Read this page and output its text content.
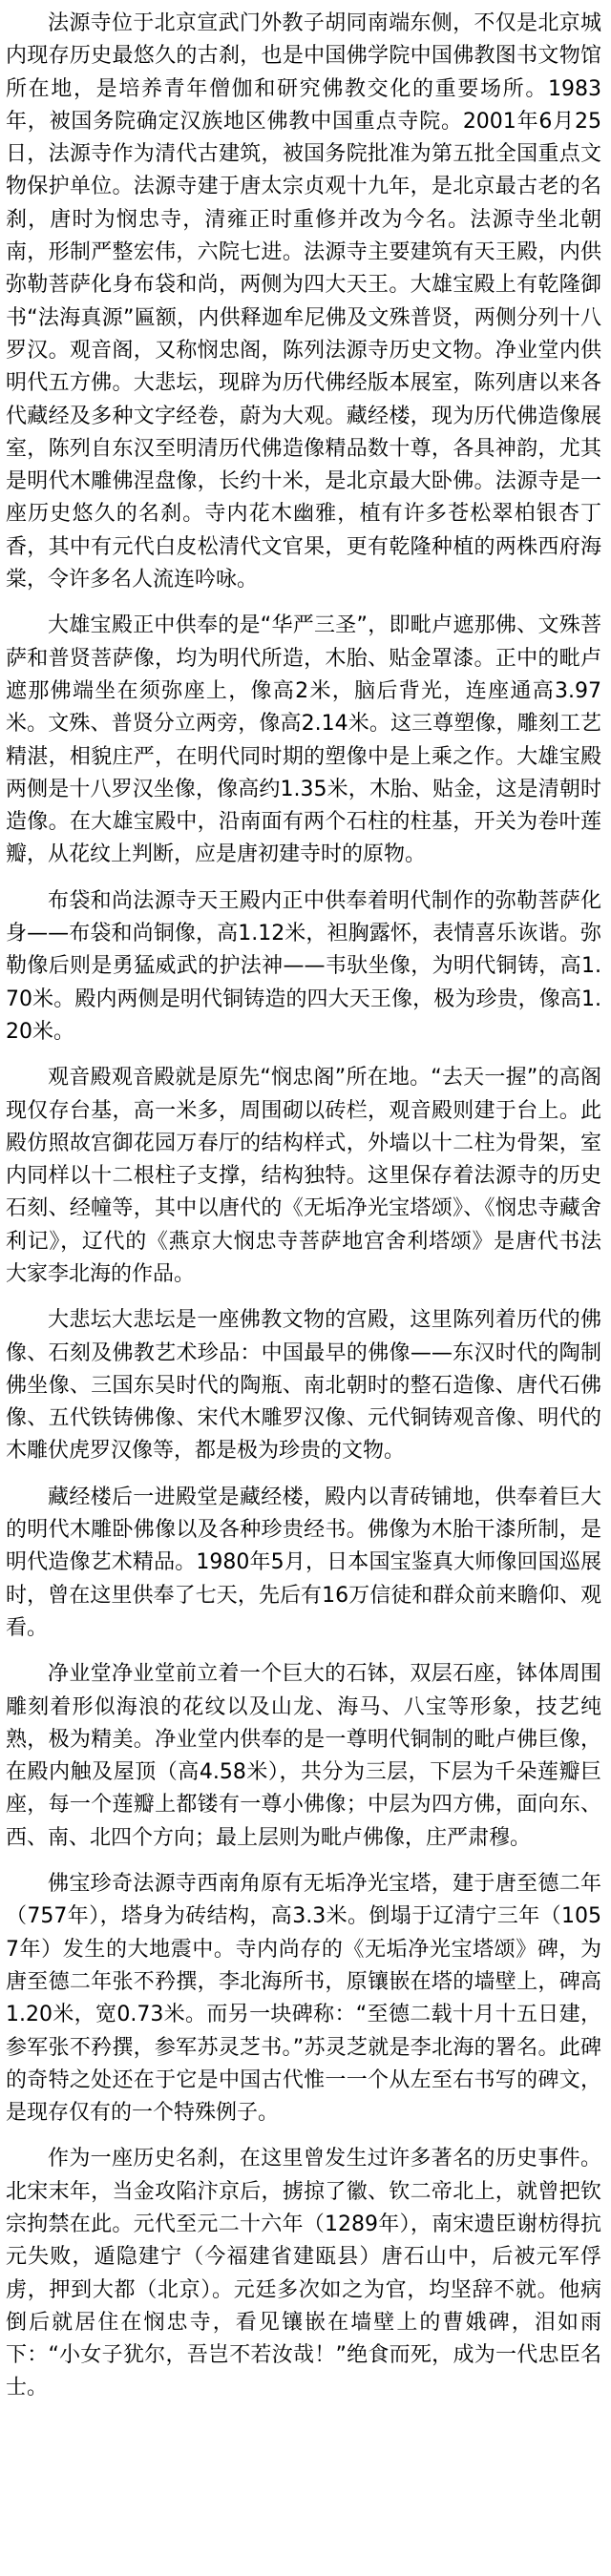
法源寺位于北京宣武门外教子胡同南端东侧，不仅是北京城内现存历史最悠久的古刹，也是中国佛学院中国佛教图书文物馆所在地，是培养青年僧伽和研究佛教交化的重要场所。1983年，被国务院确定汉族地区佛教中国重点寺院。2001年6月25日，法源寺作为清代古建筑，被国务院批准为第五批全国重点文物保护单位。法源寺建于唐太宗贞观十九年，是北京最古老的名刹，唐时为悯忠寺，清雍正时重修并改为今名。法源寺坐北朝南，形制严整宏伟，六院七进。法源寺主要建筑有天王殿，内供弥勒菩萨化身布袋和尚，两侧为四大天王。大雄宝殿上有乾隆御书“法海真源”匾额，内供释迦牟尼佛及文殊普贤，两侧分列十八罗汉。观音阁，又称悯忠阁，陈列法源寺历史文物。净业堂内供明代五方佛。大悲坛，现辟为历代佛经版本展室，陈列唐以来各代藏经及多种文字经卷，蔚为大观。藏经楼，现为历代佛造像展室，陈列自东汉至明清历代佛造像精品数十尊，各具神韵，尤其是明代木雕佛涅盘像，长约十米，是北京最大卧佛。法源寺是一座历史悠久的名刹。寺内花木幽雅，植有许多苍松翠柏银杏丁香，其中有元代白皮松清代文官果，更有乾隆种植的两株西府海棠，令许多名人流连吟咏。

大雄宝殿正中供奉的是“华严三圣”，即毗卢遮那佛、文殊菩萨和普贤菩萨像，均为明代所造，木胎、贴金罩漆。正中的毗卢遮那佛端坐在须弥座上，像高2米，脑后背光，连座通高3.97米。文殊、普贤分立两旁，像高2.14米。这三尊塑像，雕刻工艺精湛，相貌庄严，在明代同时期的塑像中是上乘之作。大雄宝殿两侧是十八罗汉坐像，像高约1.35米，木胎、贴金，这是清朝时造像。在大雄宝殿中，沿南面有两个石柱的柱基，开关为卷叶莲瓣，从花纹上判断，应是唐初建寺时的原物。

布袋和尚法源寺天王殿内正中供奉着明代制作的弥勒菩萨化身——布袋和尚铜像，高1.12米，袒胸露怀，表情喜乐诙谐。弥勒像后则是勇猛威武的护法神——韦驮坐像，为明代铜铸，高1.70米。殿内两侧是明代铜铸造的四大天王像，极为珍贵，像高1.20米。

观音殿观音殿就是原先“悯忠阁”所在地。“去天一握”的高阁现仅存台基，高一米多，周围砌以砖栏，观音殿则建于台上。此殿仿照故宫御花园万春厅的结构样式，外墙以十二柱为骨架，室内同样以十二根柱子支撑，结构独特。这里保存着法源寺的历史石刻、经幢等，其中以唐代的《无垢净光宝塔颂》、《悯忠寺藏舍利记》，辽代的《燕京大悯忠寺菩萨地宫舍利塔颂》是唐代书法大家李北海的作品。

大悲坛大悲坛是一座佛教文物的宫殿，这里陈列着历代的佛像、石刻及佛教艺术珍品：中国最早的佛像——东汉时代的陶制佛坐像、三国东吴时代的陶瓶、南北朝时的整石造像、唐代石佛像、五代铁铸佛像、宋代木雕罗汉像、元代铜铸观音像、明代的木雕伏虎罗汉像等，都是极为珍贵的文物。

藏经楼后一进殿堂是藏经楼，殿内以青砖铺地，供奉着巨大的明代木雕卧佛像以及各种珍贵经书。佛像为木胎干漆所制，是明代造像艺术精品。1980年5月，日本国宝鉴真大师像回国巡展时，曾在这里供奉了七天，先后有16万信徒和群众前来瞻仰、观看。

净业堂净业堂前立着一个巨大的石钵，双层石座，钵体周围雕刻着形似海浪的花纹以及山龙、海马、八宝等形象，技艺纯熟，极为精美。净业堂内供奉的是一尊明代铜制的毗卢佛巨像，在殿内触及屋顶（高4.58米），共分为三层，下层为千朵莲瓣巨座，每一个莲瓣上都镂有一尊小佛像；中层为四方佛，面向东、西、南、北四个方向；最上层则为毗卢佛像，庄严肃穆。

佛宝珍奇法源寺西南角原有无垢净光宝塔，建于唐至德二年（757年），塔身为砖结构，高3.3米。倒塌于辽清宁三年（1057年）发生的大地震中。寺内尚存的《无垢净光宝塔颂》碑，为唐至德二年张不矜撰，李北海所书，原镶嵌在塔的墙壁上，碑高1.20米，宽0.73米。而另一块碑称：“至德二载十月十五日建，参军张不矜撰，参军苏灵芝书。”苏灵芝就是李北海的署名。此碑的奇特之处还在于它是中国古代惟一一个从左至右书写的碑文，是现存仅有的一个特殊例子。

作为一座历史名刹，在这里曾发生过许多著名的历史事件。北宋末年，当金攻陷汴京后，掳掠了徽、钦二帝北上，就曾把钦宗拘禁在此。元代至元二十六年（1289年），南宋遗臣谢枋得抗元失败，遁隐建宁（今福建省建瓯县）唐石山中，后被元军俘虏，押到大都（北京）。元廷多次如之为官，均坚辞不就。他病倒后就居住在悯忠寺，看见镶嵌在墙壁上的曹娥碑，泪如雨下：“小女子犹尔，吾岂不若汝哉！”绝食而死，成为一代忠臣名士。
